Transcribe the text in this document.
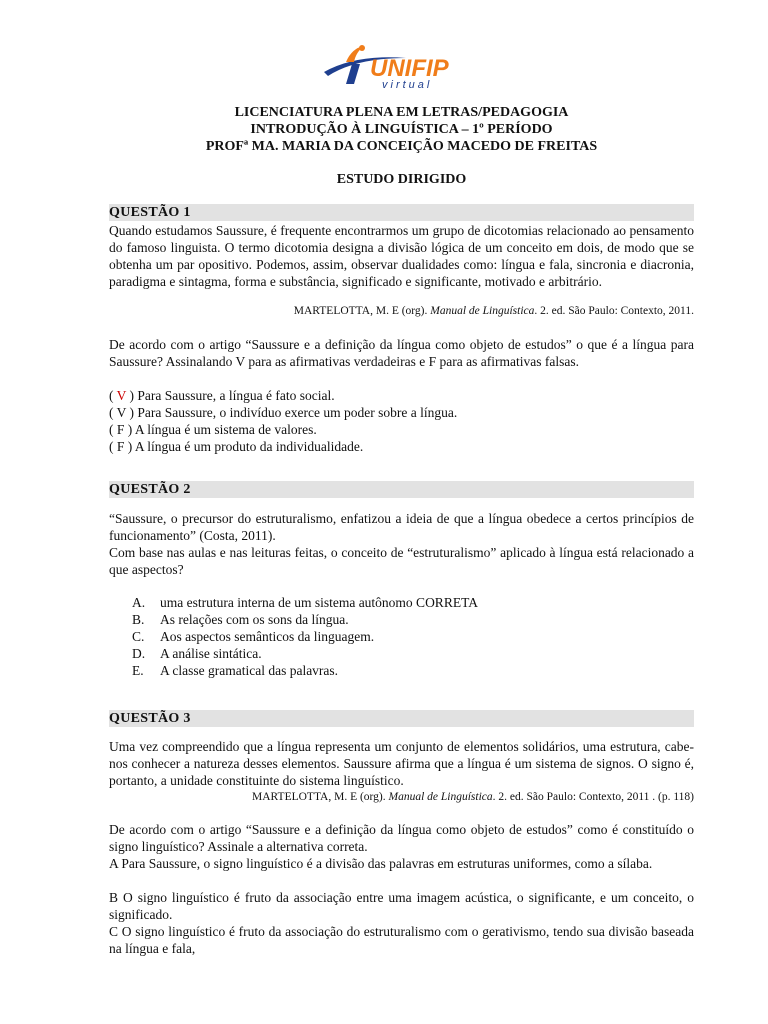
UNIFIP
virtual
LICENCIATURA PLENA EM LETRAS/PEDAGOGIA
INTRODUÇÃO À LINGUÍSTICA – 1º PERÍODO
PROFª MA. MARIA DA CONCEIÇÃO MACEDO DE FREITAS
ESTUDO DIRIGIDO
QUESTÃO 1
Quando estudamos Saussure, é frequente encontrarmos um grupo de dicotomias relacionado ao pensamento do famoso linguista. O termo dicotomia designa a divisão lógica de um conceito em dois, de modo que se obtenha um par opositivo. Podemos, assim, observar dualidades como: língua e fala, sincronia e diacronia, paradigma e sintagma, forma e substância, significado e significante, motivado e arbitrário.
MARTELOTTA, M. E (org). Manual de Linguística. 2. ed. São Paulo: Contexto, 2011.
De acordo com o artigo “Saussure e a definição da língua como objeto de estudos” o que é a língua para Saussure? Assinalando V para as afirmativas verdadeiras e F para as afirmativas falsas.
( V ) Para Saussure, a língua é fato social.
( V ) Para Saussure, o indivíduo exerce um poder sobre a língua.
( F ) A língua é um sistema de valores.
( F ) A língua é um produto da individualidade.
QUESTÃO 2
“Saussure, o precursor do estruturalismo, enfatizou a ideia de que a língua obedece a certos princípios de funcionamento” (Costa, 2011).
Com base nas aulas e nas leituras feitas, o conceito de “estruturalismo” aplicado à língua está relacionado a que aspectos?
A. uma estrutura interna de um sistema autônomo CORRETA
B. As relações com os sons da língua.
C. Aos aspectos semânticos da linguagem.
D. A análise sintática.
E. A classe gramatical das palavras.
QUESTÃO 3
Uma vez compreendido que a língua representa um conjunto de elementos solidários, uma estrutura, cabe-nos conhecer a natureza desses elementos. Saussure afirma que a língua é um sistema de signos. O signo é, portanto, a unidade constituinte do sistema linguístico.
MARTELOTTA, M. E (org). Manual de Linguística. 2. ed. São Paulo: Contexto, 2011 . (p. 118)
De acordo com o artigo “Saussure e a definição da língua como objeto de estudos” como é constituído o signo linguístico? Assinale a alternativa correta.
A Para Saussure, o signo linguístico é a divisão das palavras em estruturas uniformes, como a sílaba.
B O signo linguístico é fruto da associação entre uma imagem acústica, o significante, e um conceito, o significado.
C O signo linguístico é fruto da associação do estruturalismo com o gerativismo, tendo sua divisão baseada na língua e fala,
